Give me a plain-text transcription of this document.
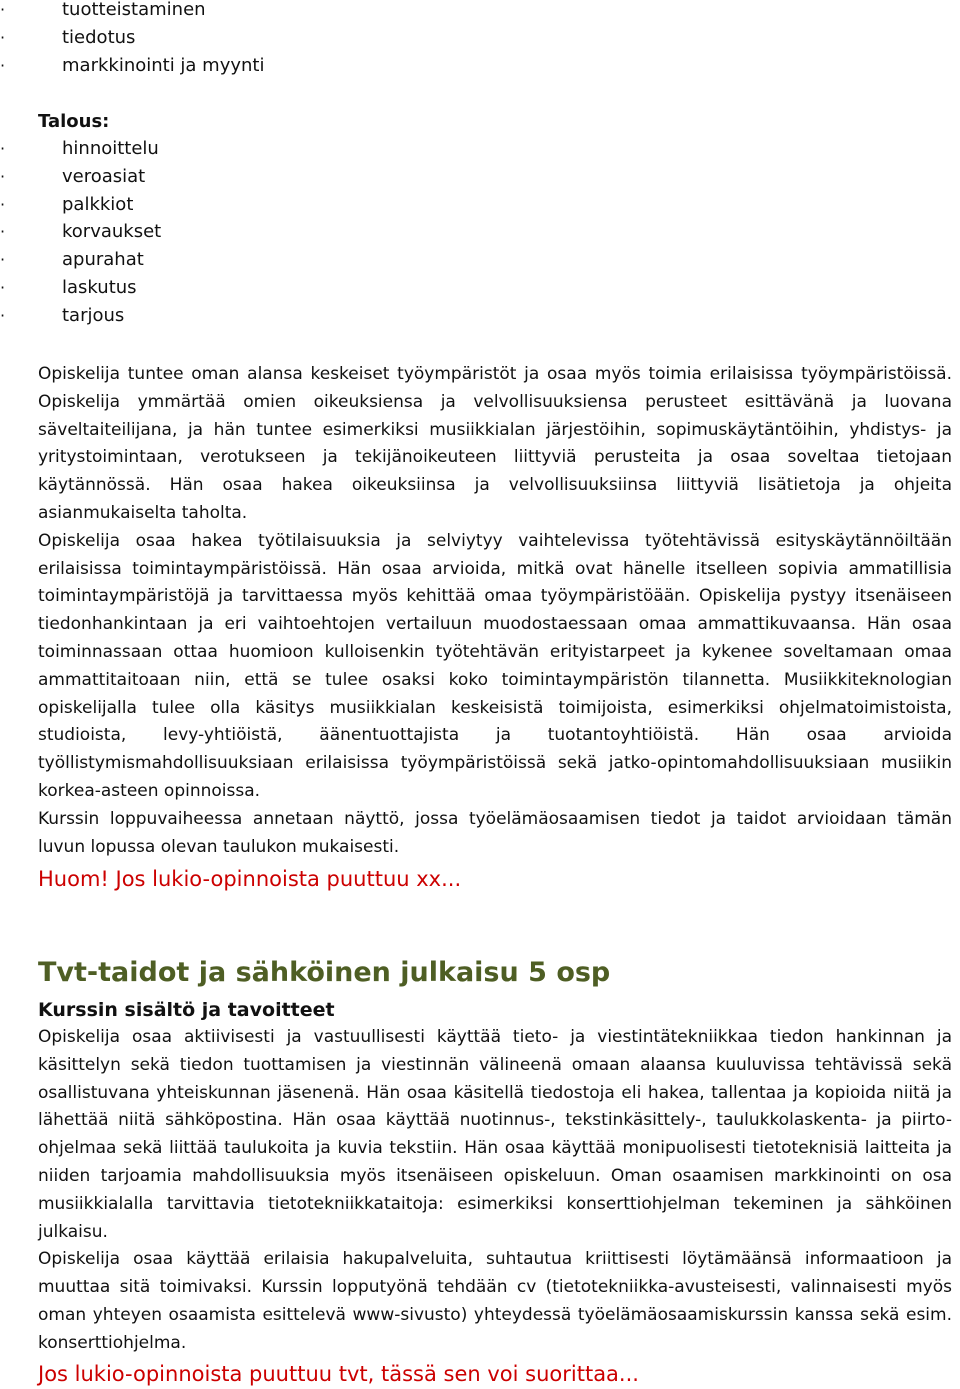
·	tuotteistaminen
·	tiedotus
·	markkinointi ja myynti
Talous:
·	hinnoittelu
·	veroasiat
·	palkkiot
·	korvaukset
·	apurahat
·	laskutus
·	tarjous
Opiskelija tuntee oman alansa keskeiset työympäristöt ja osaa myös toimia erilaisissa työympäristöissä. Opiskelija ymmärtää omien oikeuksiensa ja velvollisuuksiensa perusteet esittävänä ja luovana säveltaiteilijana, ja hän tuntee esimerkiksi musiikkialan järjestöihin, sopimuskäytäntöihin, yhdistys- ja yritystoimintaan, verotukseen ja tekijänoikeuteen liittyviä perusteita ja osaa soveltaa tietojaan käytännössä. Hän osaa hakea oikeuksiinsa ja velvollisuuksiinsa liittyviä lisätietoja ja ohjeita asianmukaiselta taholta.
Opiskelija osaa hakea työtilaisuuksia ja selviytyy vaihtelevissa työtehtävissä esityskäytännöiltään erilaisissa toimintaympäristöissä. Hän osaa arvioida, mitkä ovat hänelle itselleen sopivia ammatillisia toimintaympäristöjä ja tarvittaessa myös kehittää omaa työympäristöään. Opiskelija pystyy itsenäiseen tiedonhankintaan ja eri vaihtoehtojen vertailuun muodostaessaan omaa ammattikuvaansa. Hän osaa toiminnassaan ottaa huomioon kulloisenkin työtehtävän erityistarpeet ja kykenee soveltamaan omaa ammattitaitoaan niin, että se tulee osaksi koko toimintaympäristön tilannetta. Musiikkiteknologian opiskelijalla tulee olla käsitys musiikkialan keskeisistä toimijoista, esimerkiksi ohjelmatoimistoista, studioista, levy-yhtiöistä, äänentuottajista ja tuotantoyhtiöistä. Hän osaa arvioida työllistymismahdollisuuksiaan erilaisissa työympäristöissä sekä jatko-opintomahdollisuuksiaan musiikin korkea-asteen opinnoissa.
Kurssin loppuvaiheessa annetaan näyttö, jossa työelämäosaamisen tiedot ja taidot arvioidaan tämän luvun lopussa olevan taulukon mukaisesti.
Huom! Jos lukio-opinnoista puuttuu xx...
Tvt-taidot ja sähköinen julkaisu 5 osp
Kurssin sisältö ja tavoitteet
Opiskelija osaa aktiivisesti ja vastuullisesti käyttää tieto- ja viestintätekniikkaa tiedon hankinnan ja käsittelyn sekä tiedon tuottamisen ja viestinnän välineenä omaan alaansa kuuluvissa tehtävissä sekä osallistuvana yhteiskunnan jäsenenä. Hän osaa käsitellä tiedostoja eli hakea, tallentaa ja kopioida niitä ja lähettää niitä sähköpostina. Hän osaa käyttää nuotinnus-, tekstinkäsittely-, taulukkolaskenta- ja piirto-ohjelmaa sekä liittää taulukoita ja kuvia tekstiin. Hän osaa käyttää monipuolisesti tietoteknisiä laitteita ja niiden tarjoamia mahdollisuuksia myös itsenäiseen opiskeluun. Oman osaamisen markkinointi on osa musiikkialalla tarvittavia tietotekniikkataitoja: esimerkiksi konserttiohjelman tekeminen ja sähköinen julkaisu.
Opiskelija osaa käyttää erilaisia hakupalveluita, suhtautua kriittisesti löytämäänsä informaatioon ja muuttaa sitä toimivaksi. Kurssin lopputyönä tehdään cv (tietotekniikka-avusteisesti, valinnaisesti myös oman yhteyen osaamista esittelevä www-sivusto) yhteydessä työelämäosaamiskurssin kanssa sekä esim. konserttiohjelma.
Jos lukio-opinnoista puuttuu tvt, tässä sen voi suorittaa...
